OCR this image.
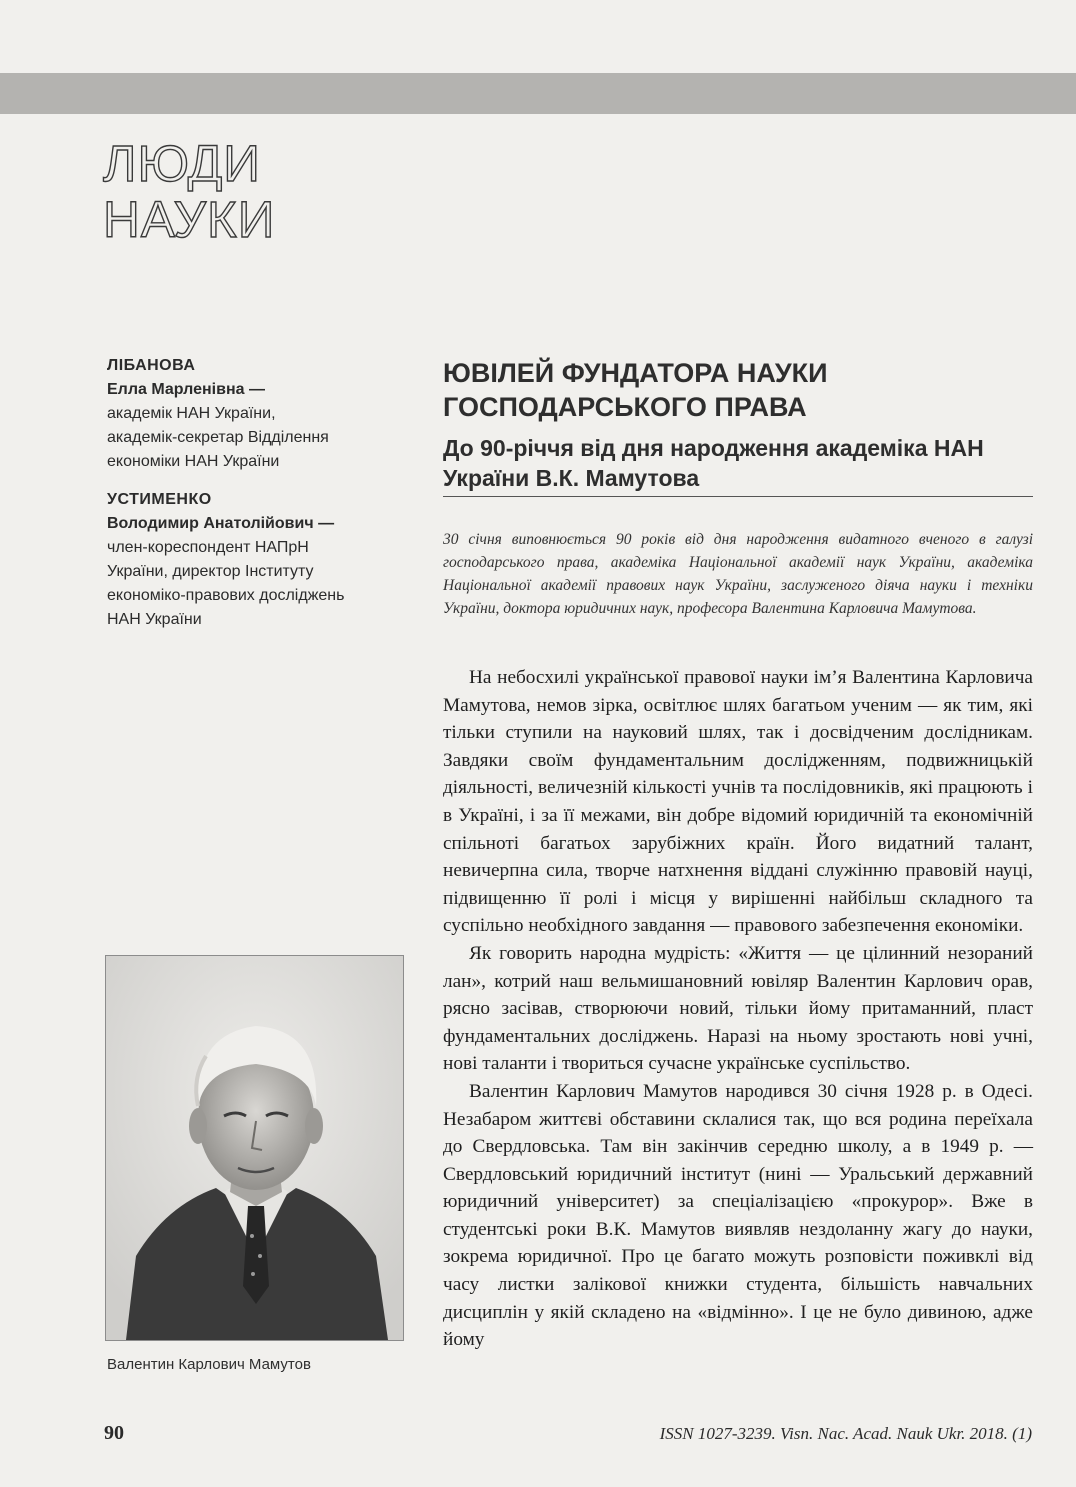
ЛЮДИ
НАУКИ
ЛІБАНОВА
Елла Марленівна —
академік НАН України,
академік-секретар Відділення
економіки НАН України
УСТИМЕНКО
Володимир Анатолійович —
член-кореспондент НАПрН
України, директор Інституту
економіко-правових досліджень
НАН України
ЮВІЛЕЙ ФУНДАТОРА НАУКИ ГОСПОДАРСЬКОГО ПРАВА
До 90-річчя від дня народження академіка НАН України В.К. Мамутова
30 січня виповнюється 90 років від дня народження видатного вченого в галузі господарського права, академіка Національної академії наук України, академіка Національної академії правових наук України, заслуженого діяча науки і техніки України, доктора юридичних наук, професора Валентина Карловича Мамутова.

На небосхилі української правової науки ім’я Валентина Карловича Мамутова, немов зірка, освітлює шлях багатьом ученим — як тим, які тільки ступили на науковий шлях, так і досвідченим дослідникам. Завдяки своїм фундаментальним дослідженням, подвижницькій діяльності, величезній кількості учнів та послідовників, які працюють і в Україні, і за її межами, він добре відомий юридичній та економічній спільноті багатьох зарубіжних країн. Його видатний талант, невичерпна сила, творче натхнення віддані служінню правовій науці, підвищенню її ролі і місця у вирішенні найбільш складного та суспільно необхідного завдання — правового забезпечення економіки.

Як говорить народна мудрість: «Життя — це цілинний незораний лан», котрий наш вельмишановний ювіляр Валентин Карлович орав, рясно засівав, створюючи новий, тільки йому притаманний, пласт фундаментальних досліджень. Наразі на ньому зростають нові учні, нові таланти і твориться сучасне українське суспільство.

Валентин Карлович Мамутов народився 30 січня 1928 р. в Одесі. Незабаром життєві обставини склалися так, що вся родина переїхала до Свердловська. Там він закінчив середню школу, а в 1949 р. — Свердловський юридичний інститут (нині — Уральський державний юридичний університет) за спеціалізацією «прокурор». Вже в студентські роки В.К. Мамутов виявляв нездоланну жагу до науки, зокрема юридичної. Про це багато можуть розповісти поживклі від часу листки залікової книжки студента, більшість навчальних дисциплін у якій складено на «відмінно». І це не було дивиною, адже йому

Валентин Карлович Мамутов
90	ISSN 1027-3239. Visn. Nac. Acad. Nauk Ukr. 2018. (1)
